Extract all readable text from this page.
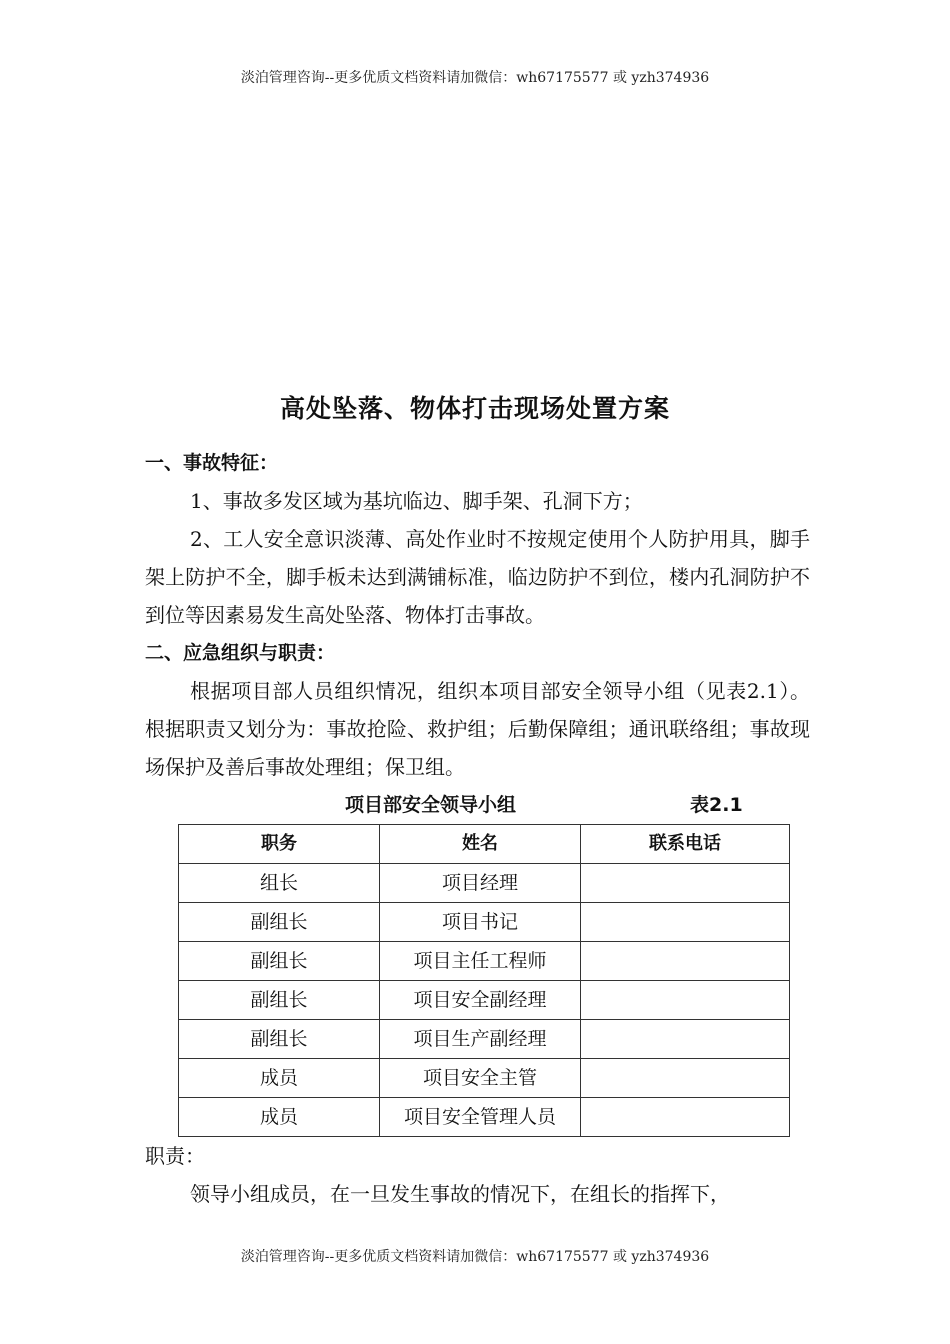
淡泊管理咨询--更多优质文档资料请加微信：wh67175577 或 yzh374936
高处坠落、物体打击现场处置方案
一、事故特征：

1、事故多发区域为基坑临边、脚手架、孔洞下方；

2、工人安全意识淡薄、高处作业时不按规定使用个人防护用具，脚手架上防护不全，脚手板未达到满铺标准，临边防护不到位，楼内孔洞防护不到位等因素易发生高处坠落、物体打击事故。

二、应急组织与职责：

根据项目部人员组织情况，组织本项目部安全领导小组（见表2.1）。根据职责又划分为：事故抢险、救护组；后勤保障组；通讯联络组；事故现场保护及善后事故处理组；保卫组。

项目部安全领导小组	表2.1
职务	姓名	联系电话
组长	项目经理	
副组长	项目书记	
副组长	项目主任工程师	
副组长	项目安全副经理	
副组长	项目生产副经理	
成员	项目安全主管	
成员	项目安全管理人员	
职责：

领导小组成员，在一旦发生事故的情况下，在组长的指挥下，

淡泊管理咨询--更多优质文档资料请加微信：wh67175577 或 yzh374936
